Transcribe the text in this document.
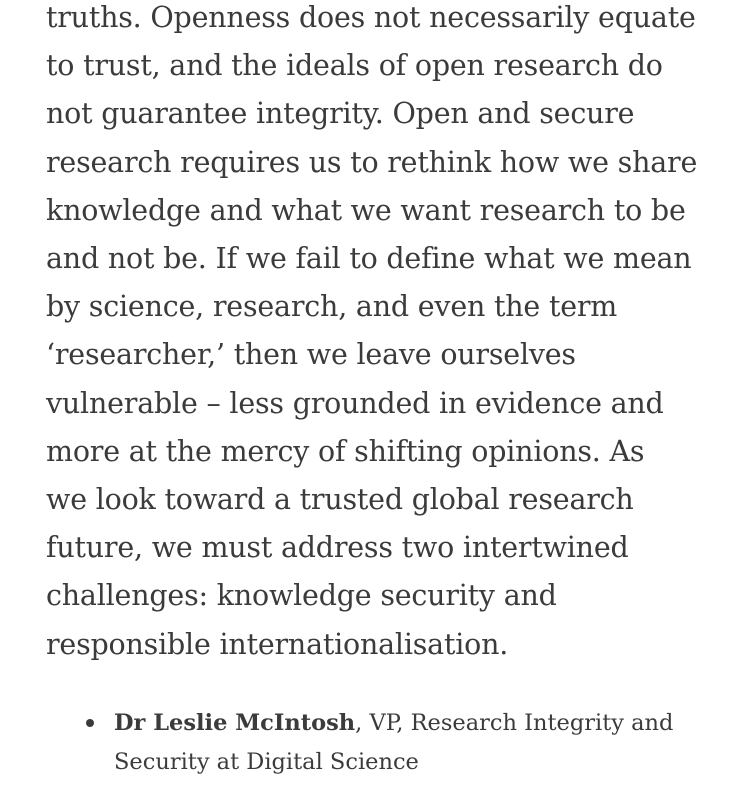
truths. Openness does not necessarily equate
to trust, and the ideals of open research do
not guarantee integrity. Open and secure
research requires us to rethink how we share
knowledge and what we want research to be
and not be. If we fail to define what we mean
by science, research, and even the term
‘researcher,’ then we leave ourselves
vulnerable – less grounded in evidence and
more at the mercy of shifting opinions. As
we look toward a trusted global research
future, we must address two intertwined
challenges: knowledge security and
responsible internationalisation.

Dr Leslie McIntosh, VP, Research Integrity and
Security at Digital Science
